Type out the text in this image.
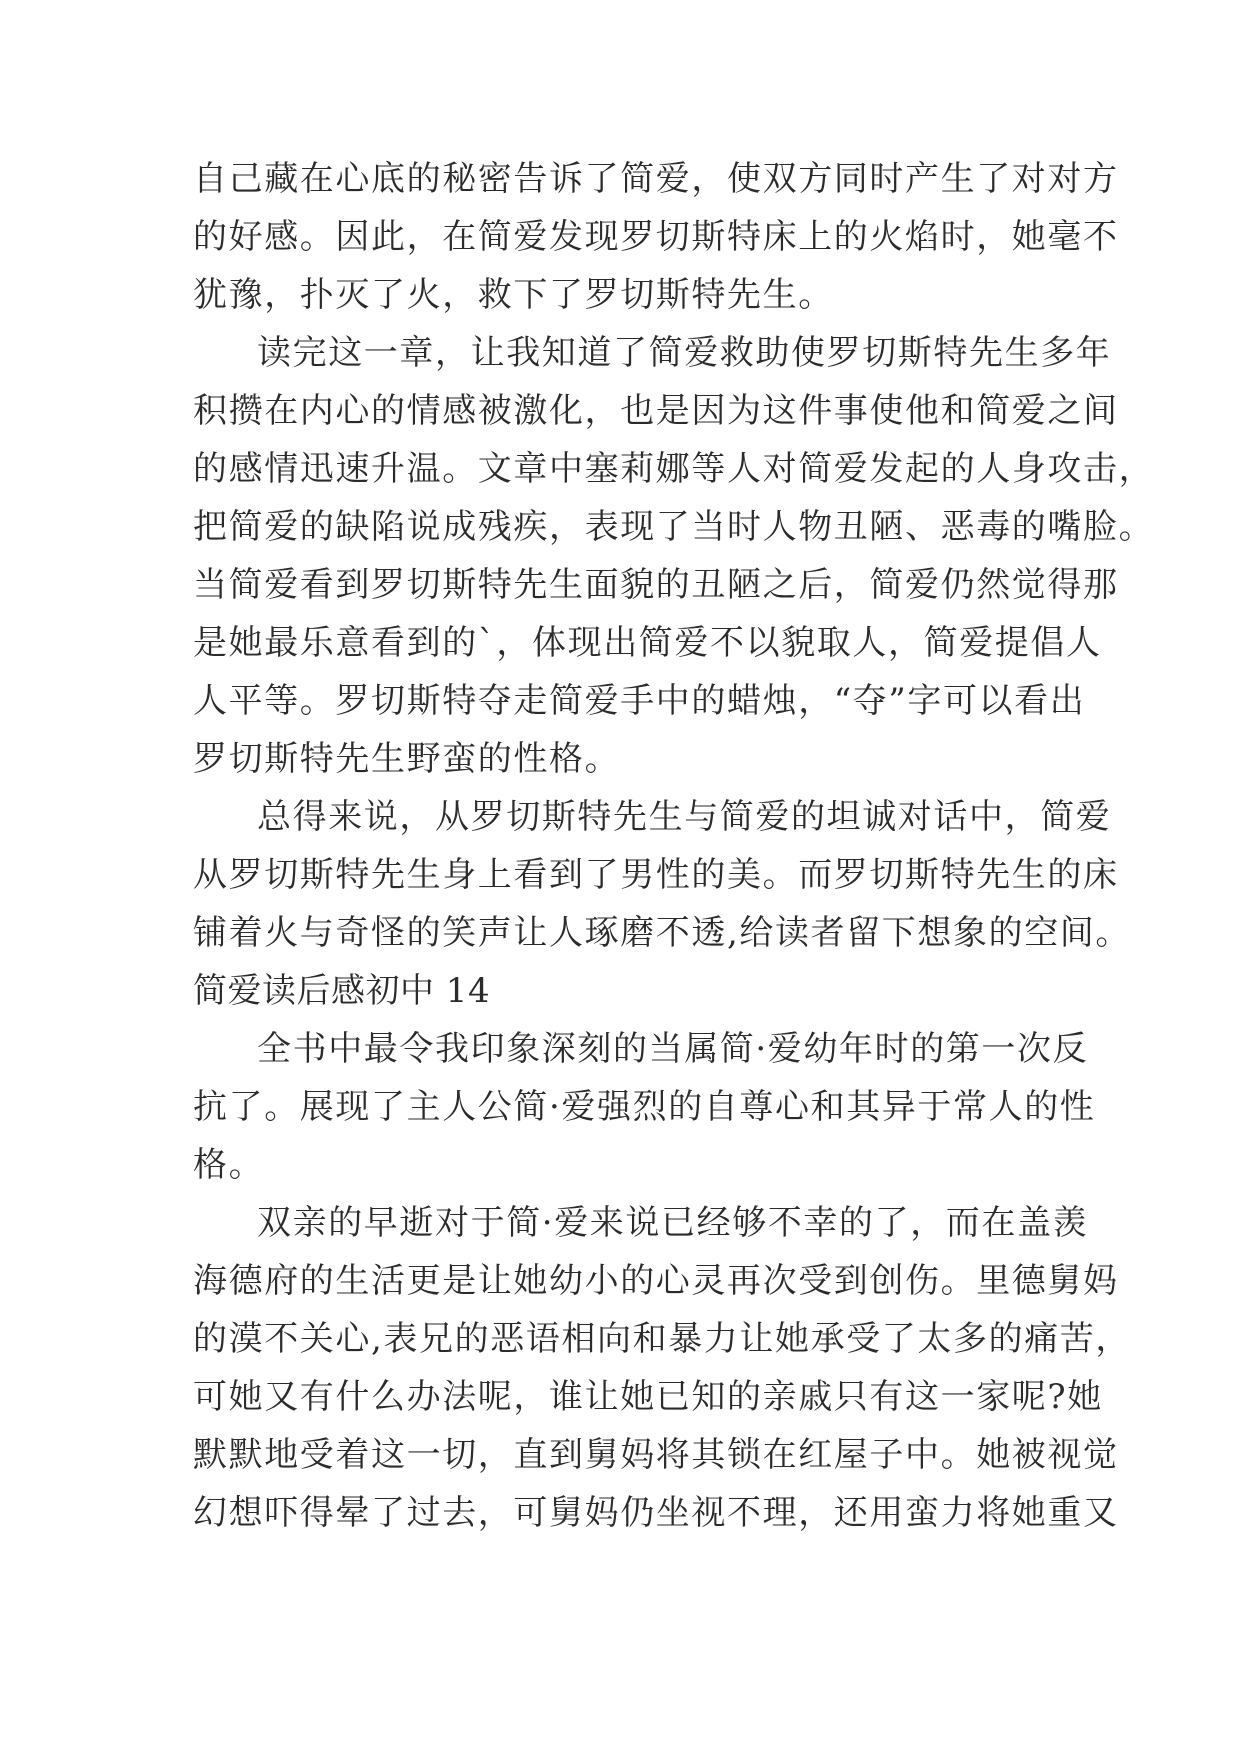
自己藏在心底的秘密告诉了简爱，使双方同时产生了对对方
的好感。因此，在简爱发现罗切斯特床上的火焰时，她毫不
犹豫，扑灭了火，救下了罗切斯特先生。
读完这一章，让我知道了简爱救助使罗切斯特先生多年
积攒在内心的情感被激化，也是因为这件事使他和简爱之间
的感情迅速升温。文章中塞莉娜等人对简爱发起的人身攻击，
把简爱的缺陷说成残疾，表现了当时人物丑陋、恶毒的嘴脸。
当简爱看到罗切斯特先生面貌的丑陋之后，简爱仍然觉得那
是她最乐意看到的`，体现出简爱不以貌取人，简爱提倡人
人平等。罗切斯特夺走简爱手中的蜡烛，“夺”字可以看出
罗切斯特先生野蛮的性格。
总得来说，从罗切斯特先生与简爱的坦诚对话中，简爱
从罗切斯特先生身上看到了男性的美。而罗切斯特先生的床
铺着火与奇怪的笑声让人琢磨不透,给读者留下想象的空间。
简爱读后感初中 14
全书中最令我印象深刻的当属简·爱幼年时的第一次反
抗了。展现了主人公简·爱强烈的自尊心和其异于常人的性
格。
双亲的早逝对于简·爱来说已经够不幸的了，而在盖羡
海德府的生活更是让她幼小的心灵再次受到创伤。里德舅妈
的漠不关心,表兄的恶语相向和暴力让她承受了太多的痛苦，
可她又有什么办法呢，谁让她已知的亲戚只有这一家呢?她
默默地受着这一切，直到舅妈将其锁在红屋子中。她被视觉
幻想吓得晕了过去，可舅妈仍坐视不理，还用蛮力将她重又
